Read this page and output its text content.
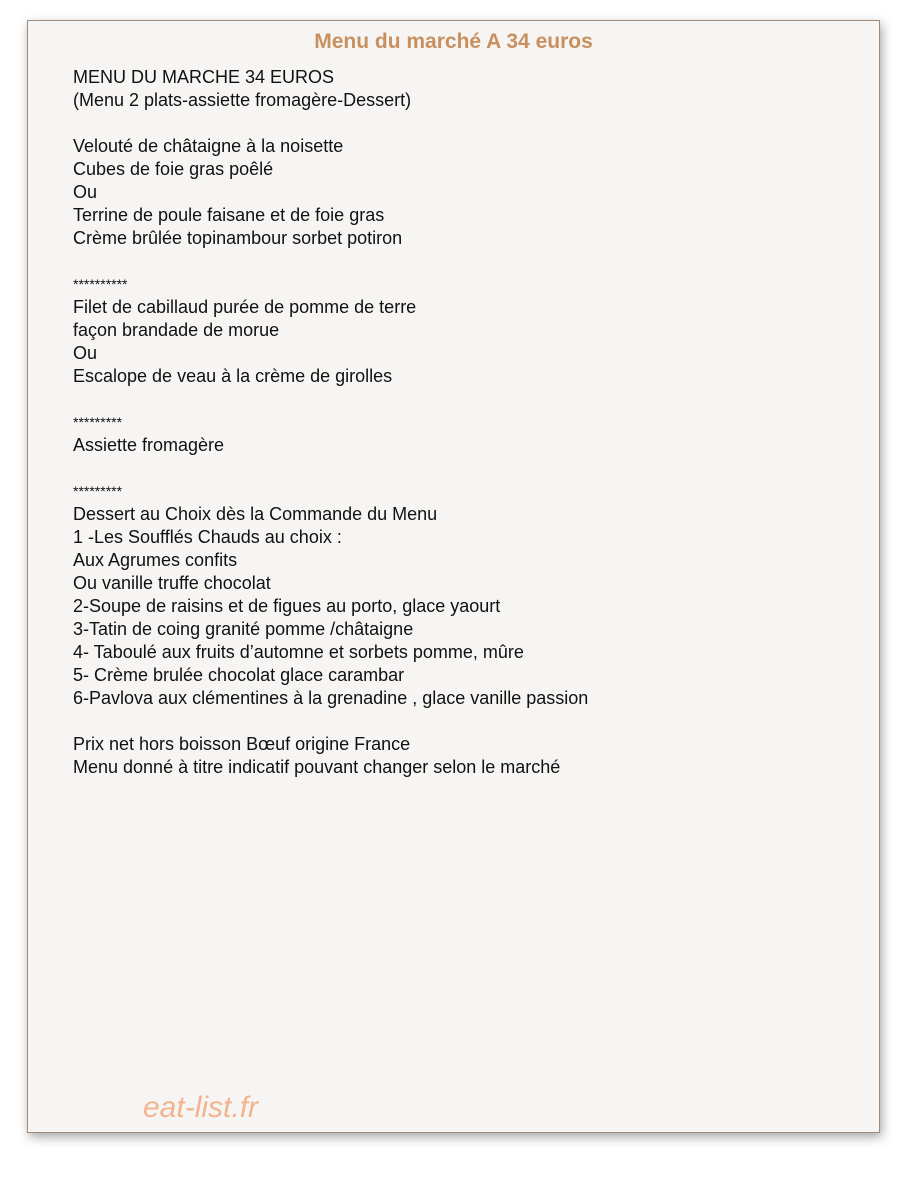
Menu du marché A 34 euros
MENU DU MARCHE 34 EUROS
(Menu 2 plats-assiette fromagère-Dessert)
Velouté de châtaigne à la noisette
Cubes de foie gras poêlé
Ou
Terrine de poule faisane et de foie gras
Crème brûlée topinambour sorbet potiron
**********
Filet de cabillaud purée de pomme de terre
façon brandade de morue
Ou
Escalope de veau à la crème de girolles
*********
Assiette fromagère
*********
Dessert au Choix dès la Commande du Menu
1 -Les Soufflés Chauds au choix :
Aux Agrumes confits
Ou vanille truffe chocolat
2-Soupe de raisins et de figues au porto, glace yaourt
3-Tatin de coing granité pomme /châtaigne
4- Taboulé aux fruits d’automne et sorbets pomme, mûre
5- Crème brulée chocolat glace carambar
6-Pavlova aux clémentines à la grenadine , glace vanille passion
Prix net hors boisson Bœuf origine France
Menu donné à titre indicatif pouvant changer selon le marché
eat-list.fr
